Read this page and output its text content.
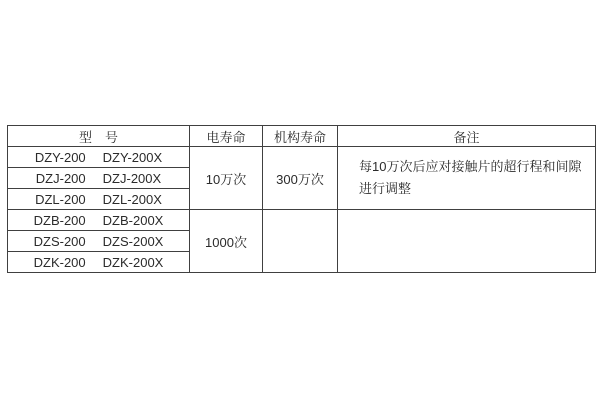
型　号	电寿命	机构寿命	备注
DZY-200 DZY-200X	10万次	300万次	每10万次后应对接触片的超行程和间隙
进行调整

DZJ-200 DZJ-200X			
DZL-200 DZL-200X			
DZB-200 DZB-200X	1000次		

DZS-200 DZS-200X			
DZK-200 DZK-200X			
